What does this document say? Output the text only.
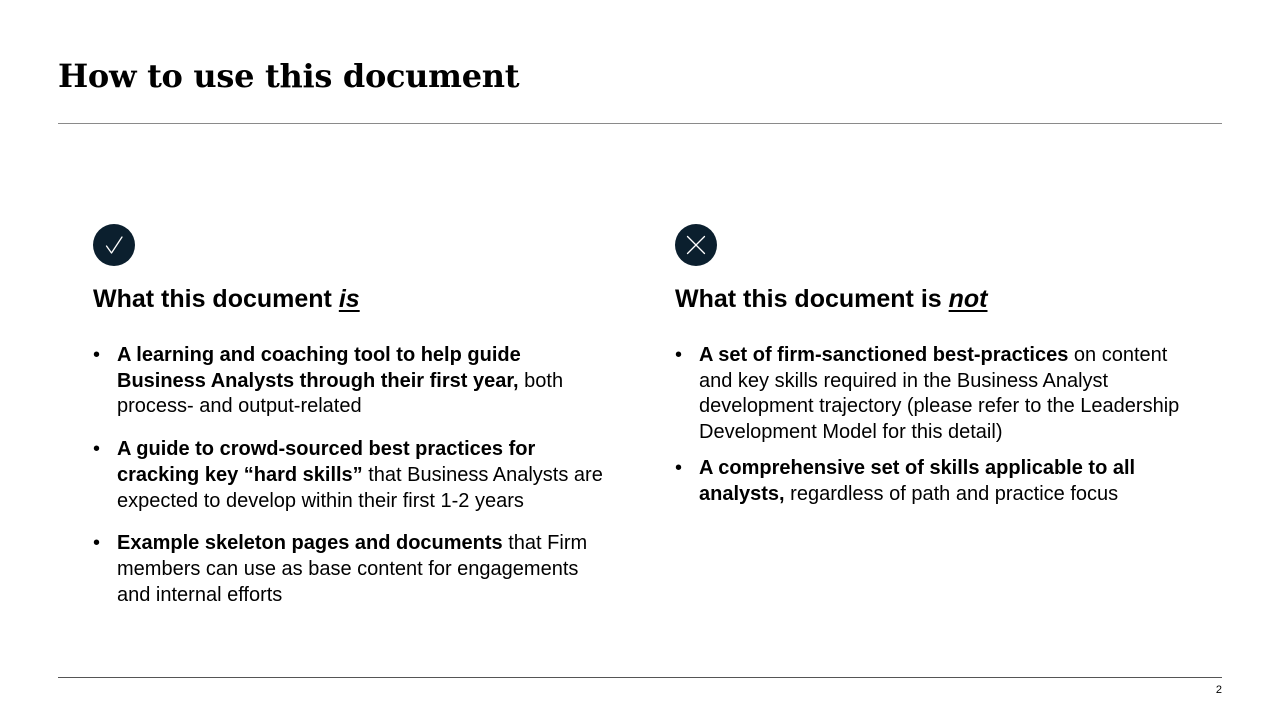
How to use this document
What this document is
• A learning and coaching tool to help guide Business Analysts through their first year, both process- and output-related
• A guide to crowd-sourced best practices for cracking key “hard skills” that Business Analysts are expected to develop within their first 1-2 years
• Example skeleton pages and documents that Firm members can use as base content for engagements and internal efforts
What this document is not
• A set of firm-sanctioned best-practices on content and key skills required in the Business Analyst development trajectory (please refer to the Leadership Development Model for this detail)
• A comprehensive set of skills applicable to all analysts, regardless of path and practice focus
2
